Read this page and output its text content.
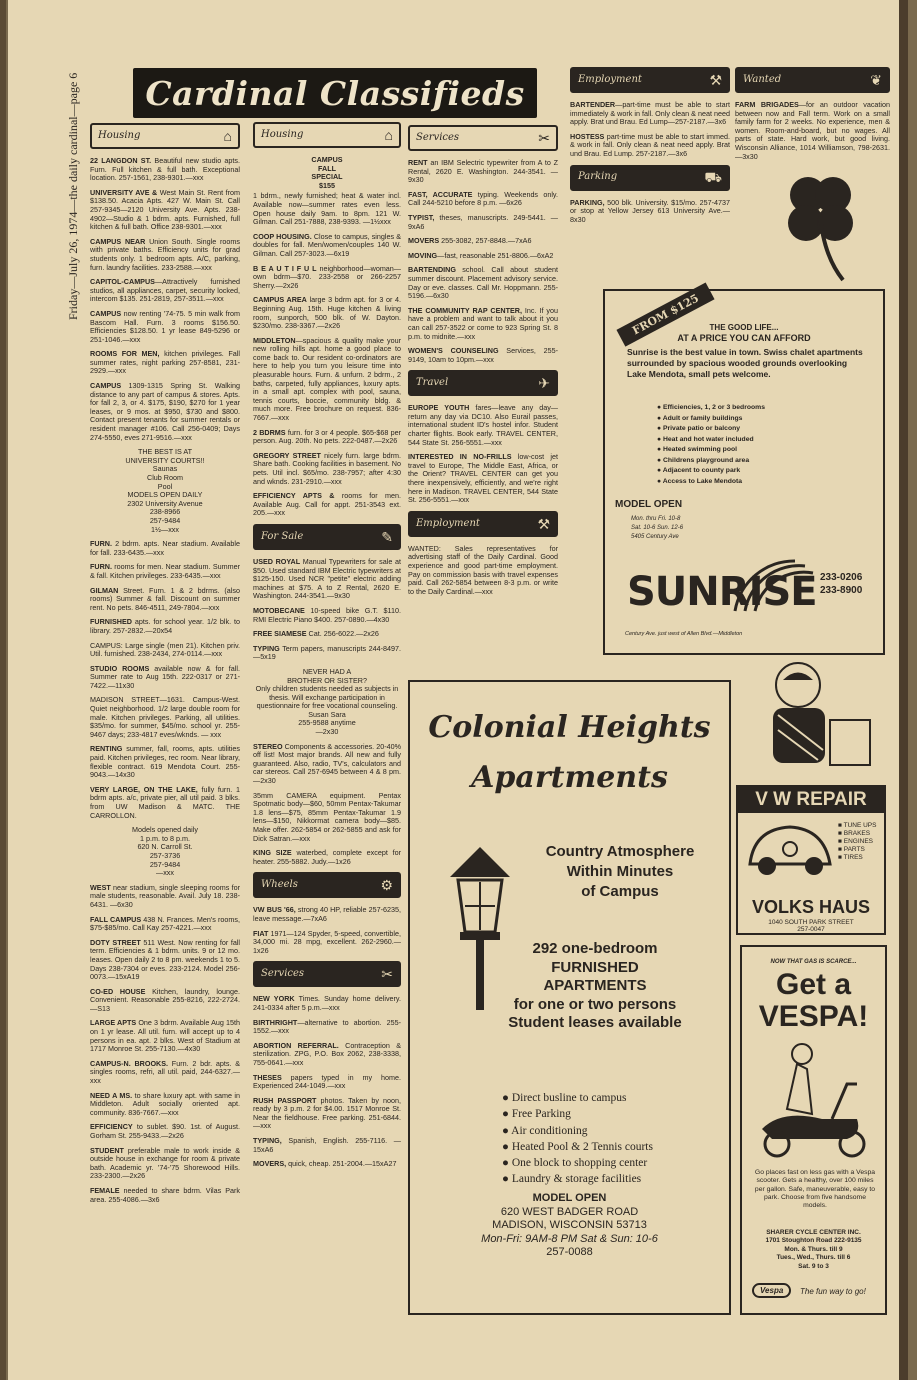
Friday—July 26, 1974—the daily cardinal—page 6 Cardinal Classifieds
Housing	⌂

22 LANGDON ST. Beautiful new studio apts. Furn. Full kitchen & full bath. Exceptional location. 257-1561, 238-9301.—xxx

UNIVERSITY AVE & West Main St. Rent from $138.50. Acacia Apts. 427 W. Main St. Call 257-9345—2120 University Ave. Apts. 238-4902—Studio & 1 bdrm. apts. Furnished, full kitchen & full bath. Office 238-9301.—xxx

CAMPUS NEAR Union South. Single rooms with private baths. Efficiency units for grad students only. 1 bedroom apts. A/C, parking, furn. laundry facilities. 233-2588.—xxx

CAPITOL-CAMPUS—Attractively furnished studios, all appliances, carpet, security locked, intercom $135. 251-2819, 257-3511.—xxx

CAMPUS now renting '74-75. 5 min walk from Bascom Hall. Furn. 3 rooms $156.50. Efficiencies $128.50. 1 yr lease 849-5296 or 251-1046.—xxx

ROOMS FOR MEN, kitchen privileges. Fall summer rates, night parking 257-8581, 231-2929.—xxx

CAMPUS 1309-1315 Spring St. Walking distance to any part of campus & stores. Apts. for fall 2, 3, or 4. $175, $190, $270 for 1 year leases, or 9 mos. at $950, $730 and $800. Contact present tenants for summer rentals or resident manager #106. Call 256-0409; Days 274-5550, eves 271-9516.—xxx

THE BEST IS AT
UNIVERSITY COURTS!!
Saunas
Club Room
Pool
MODELS OPEN DAILY
2302 University Avenue
238-8966
257-9484
1½—xxx

FURN. 2 bdrm. apts. Near stadium. Available for fall. 233-6435.—xxx

FURN. rooms for men. Near stadium. Summer & fall. Kitchen privileges. 233-6435.—xxx

GILMAN Street. Furn. 1 & 2 bdrms. (also rooms) Summer & fall. Discount on summer rent. No pets. 846-4511, 249-7804.—xxx

FURNISHED apts. for school year. 1/2 blk. to library. 257-2832.—20x54

CAMPUS: Large single (men 21). Kitchen priv. Util. furnished. 238-2434, 274-0114.—xxx

STUDIO ROOMS available now & for fall. Summer rate to Aug 15th. 222-0317 or 271-7422.—11x30

MADISON STREET—1631. Campus-West. Quiet neighborhood. 1/2 large double room for male. Kitchen privileges. Parking, all utilities. $35/mo. for summer, $45/mo. school yr. 255-9467 days; 233-4817 eves/wknds. — xxx

RENTING summer, fall, rooms, apts. utilities paid. Kitchen privileges, rec room. Near library, flexible contract. 619 Mendota Court. 255-9043.—14x30

VERY LARGE, ON THE LAKE, fully furn. 1 bdrm apts. a/c, private pier, all util paid. 3 blks. from UW Madison & MATC. THE CARROLLON.

Models opened daily
1 p.m. to 8 p.m.
620 N. Carroll St.
257-3736
257-9484
—xxx

WEST near stadium, single sleeping rooms for male students, reasonable. Avail. July 18. 238-6431. —6x30

FALL CAMPUS 438 N. Frances. Men's rooms, $75-$85/mo. Call Kay 257-4221.—xxx

DOTY STREET 511 West. Now renting for fall term. Efficiencies & 1 bdrm. units. 9 or 12 mo. leases. Open daily 2 to 8 pm. weekends 1 to 5. Days 238-7304 or eves. 233-2124. Model 256-0073.—15xA19

CO-ED HOUSE Kitchen, laundry, lounge. Convenient. Reasonable 255-8216, 222-2724.—S13

LARGE APTS One 3 bdrm. Available Aug 15th on 1 yr lease. All util. furn. will accept up to 4 persons in ea. apt. 2 blks. West of Stadium at 1717 Monroe St. 255-7130.—4x30

CAMPUS-N. BROOKS. Furn. 2 bdr. apts. & singles rooms, refri, all util. paid, 244-6327.—xxx

NEED A MS. to share luxury apt. with same in Middleton. Adult socially oriented apt. community. 836-7667.—xxx

EFFICIENCY to sublet. $90. 1st. of August. Gorham St. 255-9433.—2x26

STUDENT preferable male to work inside & outside house in exchange for room & private bath. Academic yr. '74-'75 Shorewood Hills. 233-2300.—2x26

FEMALE needed to share bdrm. Vilas Park area. 255-4086.—3x6

Housing	⌂
CAMPUS
FALL
SPECIAL
$155

1 bdrm., newly furnished; heat & water incl. Available now—summer rates even less. Open house daily 9am. to 8pm. 121 W. Gilman. Call 251-7888, 238-9393. —1½xxx

COOP HOUSING. Close to campus, singles & doubles for fall. Men/women/couples 140 W. Gilman. Call 257-3023.—6x19

B E A U T I F U L neighborhood—woman—own bdrm—$70. 233-2558 or 266-2257 Sherry.—2x26

CAMPUS AREA large 3 bdrm apt. for 3 or 4. Beginning Aug. 15th. Huge kitchen & living room, sunporch, 500 blk. of W. Dayton. $230/mo. 238-3367.—2x26

MIDDLETON—spacious & quality make your new rolling hills apt. home a good place to come back to. Our resident co-ordinators are here to help you turn you leisure time into pleasurable hours. Furn. & unfurn. 2 bdrm., 2 baths, carpeted, fully appliances, luxury apts. in a small apt. complex with pool, sauna, tennis courts, boccie, community bldg. & much more. Free brochure on request. 836-7667.—xxx

2 BDRMS furn. for 3 or 4 people. $65-$68 per person. Aug. 20th. No pets. 222-0487.—2x26

GREGORY STREET nicely furn. large bdrm. Share bath. Cooking facilities in basement. No pets. Util incl. $65/mo. 238-7957; after 4:30 and wknds. 231-2910.—xxx

EFFICIENCY APTS & rooms for men. Available Aug. Call for appt. 251-3543 ext. 205.—xxx

For Sale	✎

USED ROYAL Manual Typewriters for sale at $50. Used standard IBM Electric typewriters at $125-150. Used NCR "petite" electric adding machines at $75. A to Z Rental, 2620 E. Washington. 244-3541.—9x30

MOTOBECANE 10-speed bike G.T. $110. RMI Electric Piano $400. 257-0890.—4x30

FREE SIAMESE Cat. 256-6022.—2x26

TYPING Term papers, manuscripts 244-8497.—5x19

NEVER HAD A
BROTHER OR SISTER?
Only children students needed as subjects in thesis. Will exchange participation in questionnaire for free vocational counseling.
Susan Sara
255-9588 anytime
—2x30

STEREO Components & accessories. 20-40% off list! Most major brands. All new and fully guaranteed. Also, radio, TV's, calculators and car stereos. Call 257-6945 between 4 & 8 pm.—2x30

35mm CAMERA equipment. Pentax Spotmatic body—$60, 50mm Pentax-Takumar 1.8 lens—$75, 85mm Pentax-Takumar 1.9 lens—$150, Nikkormat camera body—$85. Make offer. 262-5854 or 262-5855 and ask for Dick Satran.—xxx

KING SIZE waterbed, complete except for heater. 255-5882. Judy.—1x26

Wheels	⚙

VW BUS '66, strong 40 HP, reliable 257-6235, leave message.—7xA6

FIAT 1971—124 Spyder, 5-speed, convertible, 34,000 mi. 28 mpg, excellent. 262-2960.—1x26

Services	✂

NEW YORK Times. Sunday home delivery. 241-0334 after 5 p.m.—xxx

BIRTHRIGHT—alternative to abortion. 255-1552.—xxx

ABORTION REFERRAL. Contraception & sterilization. ZPG, P.O. Box 2062, 238-3338, 755-0641.—xxx

THESES papers typed in my home. Experienced 244-1049.—xxx

RUSH PASSPORT photos. Taken by noon, ready by 3 p.m. 2 for $4.00. 1517 Monroe St. Near the fieldhouse. Free parking. 251-6844.—xxx

TYPING, Spanish, English. 255-7116. —15xA6

MOVERS, quick, cheap. 251-2004.—15xA27

Services	✂

RENT an IBM Selectric typewriter from A to Z Rental, 2620 E. Washington. 244-3541. — 9x30

FAST, ACCURATE typing. Weekends only. Call 244-5210 before 8 p.m. —6x26

TYPIST, theses, manuscripts. 249-5441. — 9xA6

MOVERS 255-3082, 257-8848.—7xA6

MOVING—fast, reasonable 251-8806.—6xA2

BARTENDING school. Call about student summer discount. Placement advisory service. Day or eve. classes. Call Mr. Hoppmann. 255-5196.—6x30

THE COMMUNITY RAP CENTER, Inc. If you have a problem and want to talk about it you can call 257-3522 or come to 923 Spring St. 8 p.m. to midnite.—xxx

WOMEN'S COUNSELING Services, 255-9149, 10am to 10pm.—xxx

Travel	✈

EUROPE YOUTH fares—leave any day—return any day via DC10. Also Eurail passes, international student ID's hostel infor. Student charter flights. Book early. TRAVEL CENTER, 544 State St. 256-5551.—xxx

INTERESTED IN NO-FRILLS low-cost jet travel to Europe, The Middle East, Africa, or the Orient? TRAVEL CENTER can get you there inexpensively, efficiently, and we're right here in Madison. TRAVEL CENTER, 544 State St. 256-5551.—xxx

Employment	⚒

WANTED: Sales representatives for advertising staff of the Daily Cardinal. Good experience and good part-time employment. Pay on commission basis with travel expenses paid. Call 262-5854 between 8-3 p.m. or write to the Daily Cardinal.—xxx

Employment	⚒

BARTENDER—part-time must be able to start immediately & work in fall. Only clean & neat need apply. Brat und Brau. Ed Lump—257-2187.—3x6

HOSTESS part-time must be able to start immed. & work in fall. Only clean & neat need apply. Brat und Brau. Ed Lump. 257-2187.—3x6

Parking	⛟

PARKING, 500 blk. University. $15/mo. 257-4737 or stop at Yellow Jersey 613 University Ave.—8x30

Wanted	❦

FARM BRIGADES—for an outdoor vacation between now and Fall term. Work on a small family farm for 2 weeks. No experience, men & women. Room-and-board, but no wages. All parts of state. Hard work, but good living. Wisconsin Alliance, 1014 Williamson, 798-2631.—3x30

FROM $125	THE GOOD LIFE...
AT A PRICE YOU CAN AFFORD
Sunrise is the best value in town. Swiss chalet apartments surrounded by spacious wooded grounds overlooking Lake Mendota, small pets welcome.
● Efficiencies, 1, 2 or 3 bedrooms
● Adult or family buildings
● Private patio or balcony
● Heat and hot water included
● Heated swimming pool
● Childrens playground area
● Adjacent to county park
● Access to Lake Mendota
MODEL OPEN
Mon. thru Fri. 10-8
Sat. 10-6 Sun. 12-6
5405 Century Ave
SUNRISE 233-0206
233-8900
Century Ave. just west of Allen Blvd.—Middleton
Colonial Heights
Apartments
Country Atmosphere
Within Minutes
of Campus
292 one-bedroom
FURNISHED
APARTMENTS
for one or two persons
Student leases available
● Direct busline to campus
● Free Parking
● Air conditioning
● Heated Pool & 2 Tennis courts
● One block to shopping center
● Laundry & storage facilities
MODEL OPEN
620 WEST BADGER ROAD
MADISON, WISCONSIN 53713
Mon-Fri: 9AM-8 PM Sat & Sun: 10-6
257-0088
V W REPAIR
■ TUNE UPS
■ BRAKES
■ ENGINES
■ PARTS
■ TIRES
VOLKS HAUS
1040 SOUTH PARK STREET
257-0047
NOW THAT GAS IS SCARCE...
Get a
VESPA!
Go places fast on less gas with a Vespa scooter. Gets a healthy, over 100 miles per gallon. Safe, maneuverable, easy to park. Choose from five handsome models.
SHARER CYCLE CENTER INC.
1701 Stoughton Road 222-9135
Mon. & Thurs. till 9
Tues., Wed., Thurs. till 6
Sat. 9 to 3
Vespa	The fun way to go!
